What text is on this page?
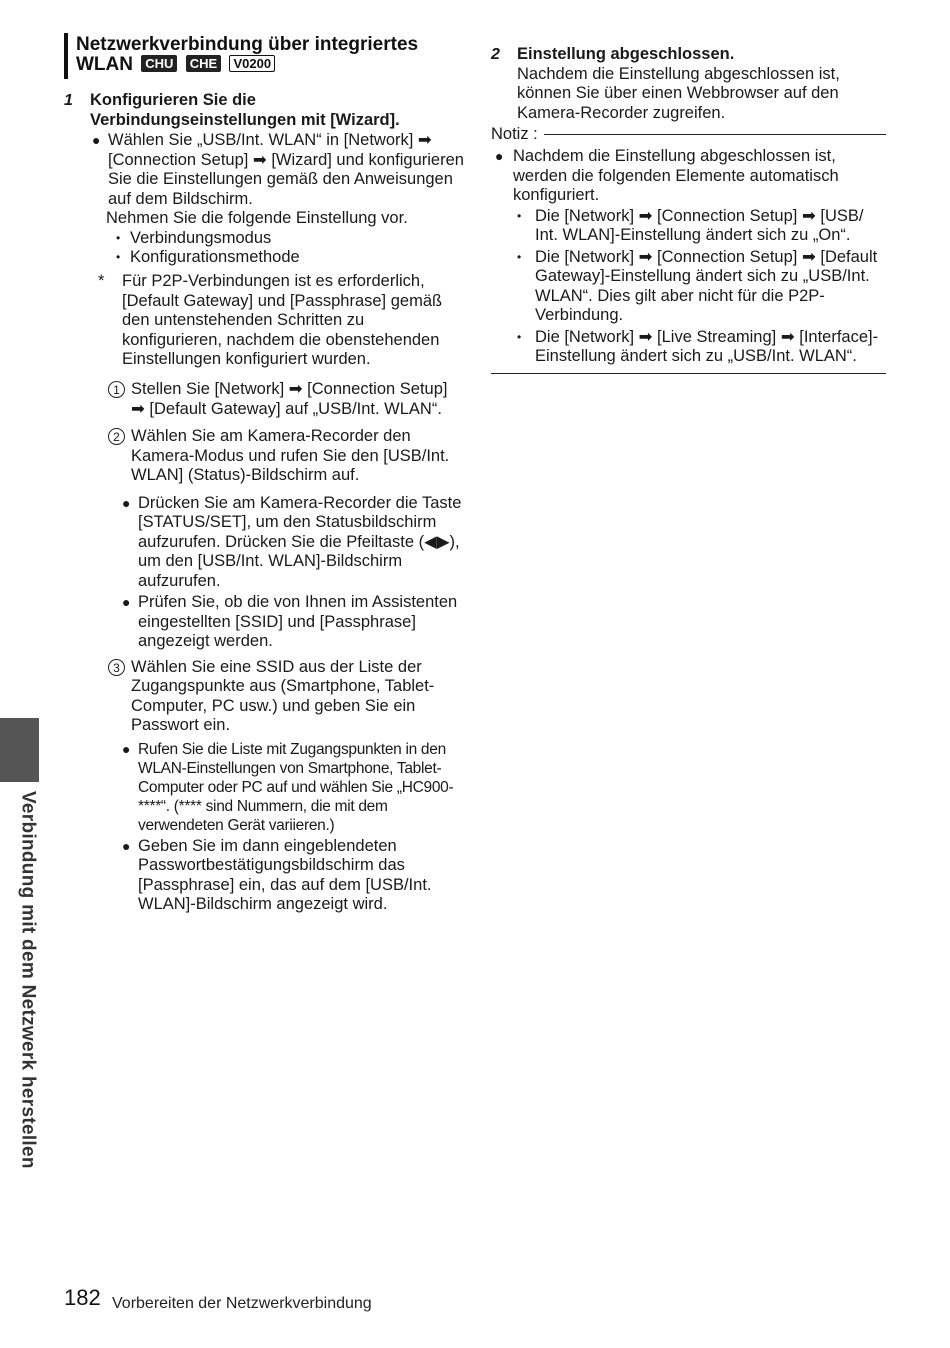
Netzwerkverbindung über integriertes
WLAN CHU CHE V0200
1	Konfigurieren Sie die
Verbindungseinstellungen mit [Wizard].
● Wählen Sie „USB/Int. WLAN“ in [Network] ➡ [Connection Setup] ➡ [Wizard] und konfigurieren Sie die Einstellungen gemäß den Anweisungen auf dem Bildschirm.
Nehmen Sie die folgende Einstellung vor.
• Verbindungsmodus
• Konfigurationsmethode
*	Für P2P-Verbindungen ist es erforderlich, [Default Gateway] und [Passphrase] gemäß den untenstehenden Schritten zu konfigurieren, nachdem die obenstehenden Einstellungen konfiguriert wurden.
1 Stellen Sie [Network] ➡ [Connection Setup] ➡ [Default Gateway] auf „USB/Int. WLAN“.
2 Wählen Sie am Kamera-Recorder den Kamera-Modus und rufen Sie den [USB/Int. WLAN] (Status)-Bildschirm auf.
● Drücken Sie am Kamera-Recorder die Taste [STATUS/SET], um den Statusbildschirm aufzurufen. Drücken Sie die Pfeiltaste (◀▶), um den [USB/Int. WLAN]-Bildschirm aufzurufen.
● Prüfen Sie, ob die von Ihnen im Assistenten eingestellten [SSID] und [Passphrase] angezeigt werden.
3 Wählen Sie eine SSID aus der Liste der Zugangspunkte aus (Smartphone, Tablet-Computer, PC usw.) und geben Sie ein Passwort ein.
● Rufen Sie die Liste mit Zugangspunkten in den WLAN-Einstellungen von Smartphone, Tablet-Computer oder PC auf und wählen Sie „HC900-****“. (**** sind Nummern, die mit dem verwendeten Gerät variieren.)
● Geben Sie im dann eingeblendeten Passwortbestätigungsbildschirm das [Passphrase] ein, das auf dem [USB/Int. WLAN]-Bildschirm angezeigt wird.
2	Einstellung abgeschlossen.
Nachdem die Einstellung abgeschlossen ist, können Sie über einen Webbrowser auf den Kamera-Recorder zugreifen.
Notiz :
● Nachdem die Einstellung abgeschlossen ist, werden die folgenden Elemente automatisch konfiguriert.
• Die [Network] ➡ [Connection Setup] ➡ [USB/ Int. WLAN]-Einstellung ändert sich zu „On“.
• Die [Network] ➡ [Connection Setup] ➡ [Default Gateway]-Einstellung ändert sich zu „USB/Int. WLAN“. Dies gilt aber nicht für die P2P-Verbindung.
• Die [Network] ➡ [Live Streaming] ➡ [Interface]-Einstellung ändert sich zu „USB/Int. WLAN“.
Verbindung mit dem Netzwerk herstellen
182 Vorbereiten der Netzwerkverbindung
